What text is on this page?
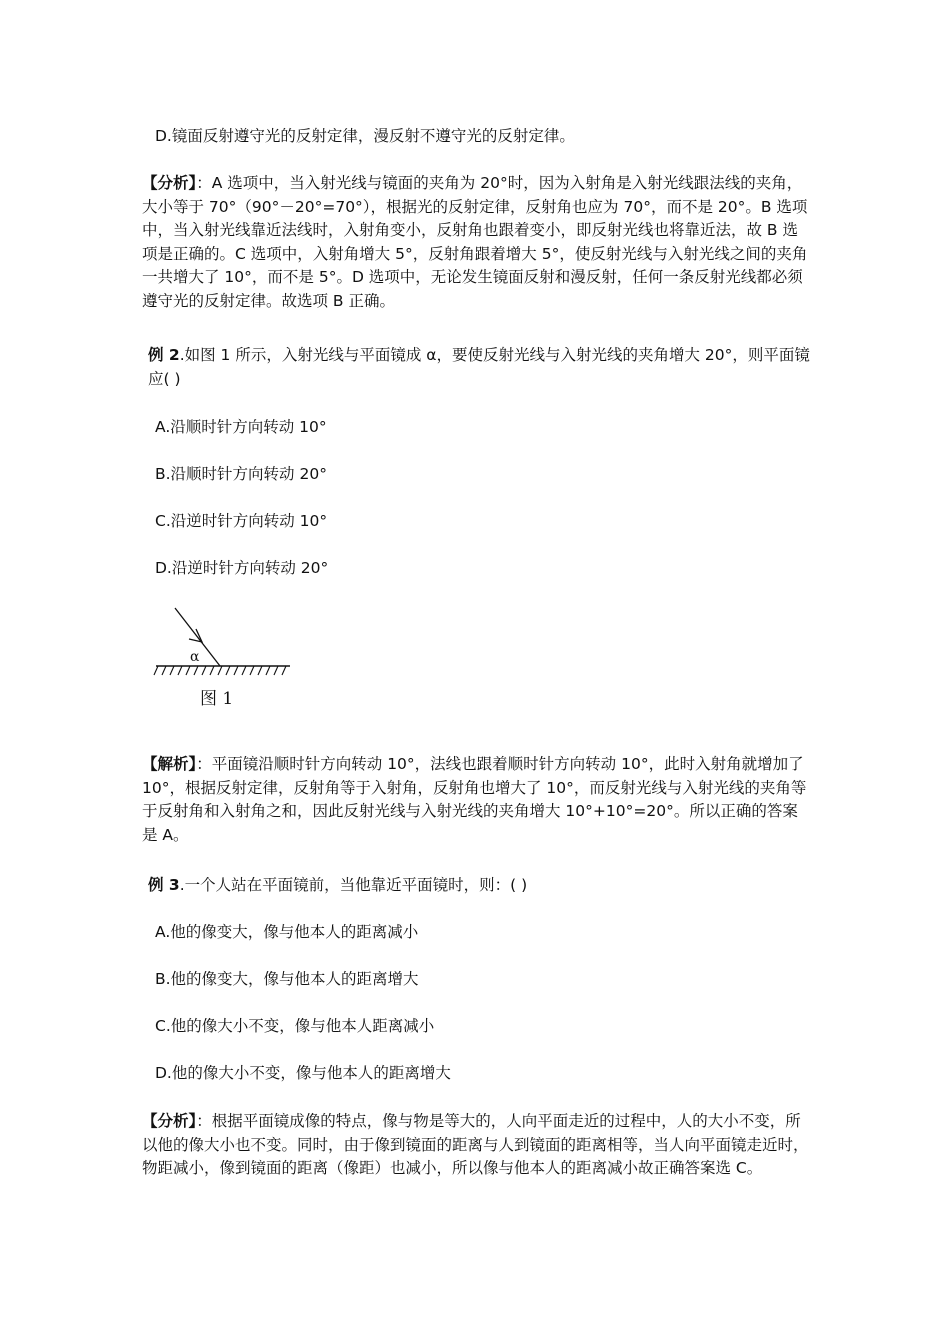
D.镜面反射遵守光的反射定律，漫反射不遵守光的反射定律。

【分析】：A 选项中，当入射光线与镜面的夹角为 20°时，因为入射角是入射光线跟法线的夹角，大小等于 70°（90°－20°=70°），根据光的反射定律，反射角也应为 70°，而不是 20°。B 选项中，当入射光线靠近法线时，入射角变小，反射角也跟着变小，即反射光线也将靠近法，故 B 选项是正确的。C 选项中，入射角增大 5°，反射角跟着增大 5°，使反射光线与入射光线之间的夹角一共增大了 10°，而不是 5°。D 选项中，无论发生镜面反射和漫反射，任何一条反射光线都必须遵守光的反射定律。故选项 B 正确。

例 2.如图 1 所示，入射光线与平面镜成 α，要使反射光线与入射光线的夹角增大 20°，则平面镜应( )

A.沿顺时针方向转动 10°

B.沿顺时针方向转动 20°

C.沿逆时针方向转动 10°

D.沿逆时针方向转动 20°

α

图 1

【解析】：平面镜沿顺时针方向转动 10°，法线也跟着顺时针方向转动 10°，此时入射角就增加了 10°，根据反射定律，反射角等于入射角，反射角也增大了 10°，而反射光线与入射光线的夹角等于反射角和入射角之和，因此反射光线与入射光线的夹角增大 10°+10°=20°。所以正确的答案是 A。

例 3.一个人站在平面镜前，当他靠近平面镜时，则：( )

A.他的像变大，像与他本人的距离减小

B.他的像变大，像与他本人的距离增大

C.他的像大小不变，像与他本人距离减小

D.他的像大小不变，像与他本人的距离增大

【分析】：根据平面镜成像的特点，像与物是等大的，人向平面走近的过程中，人的大小不变，所以他的像大小也不变。同时，由于像到镜面的距离与人到镜面的距离相等，当人向平面镜走近时，物距减小，像到镜面的距离（像距）也减小，所以像与他本人的距离减小故正确答案选 C。
